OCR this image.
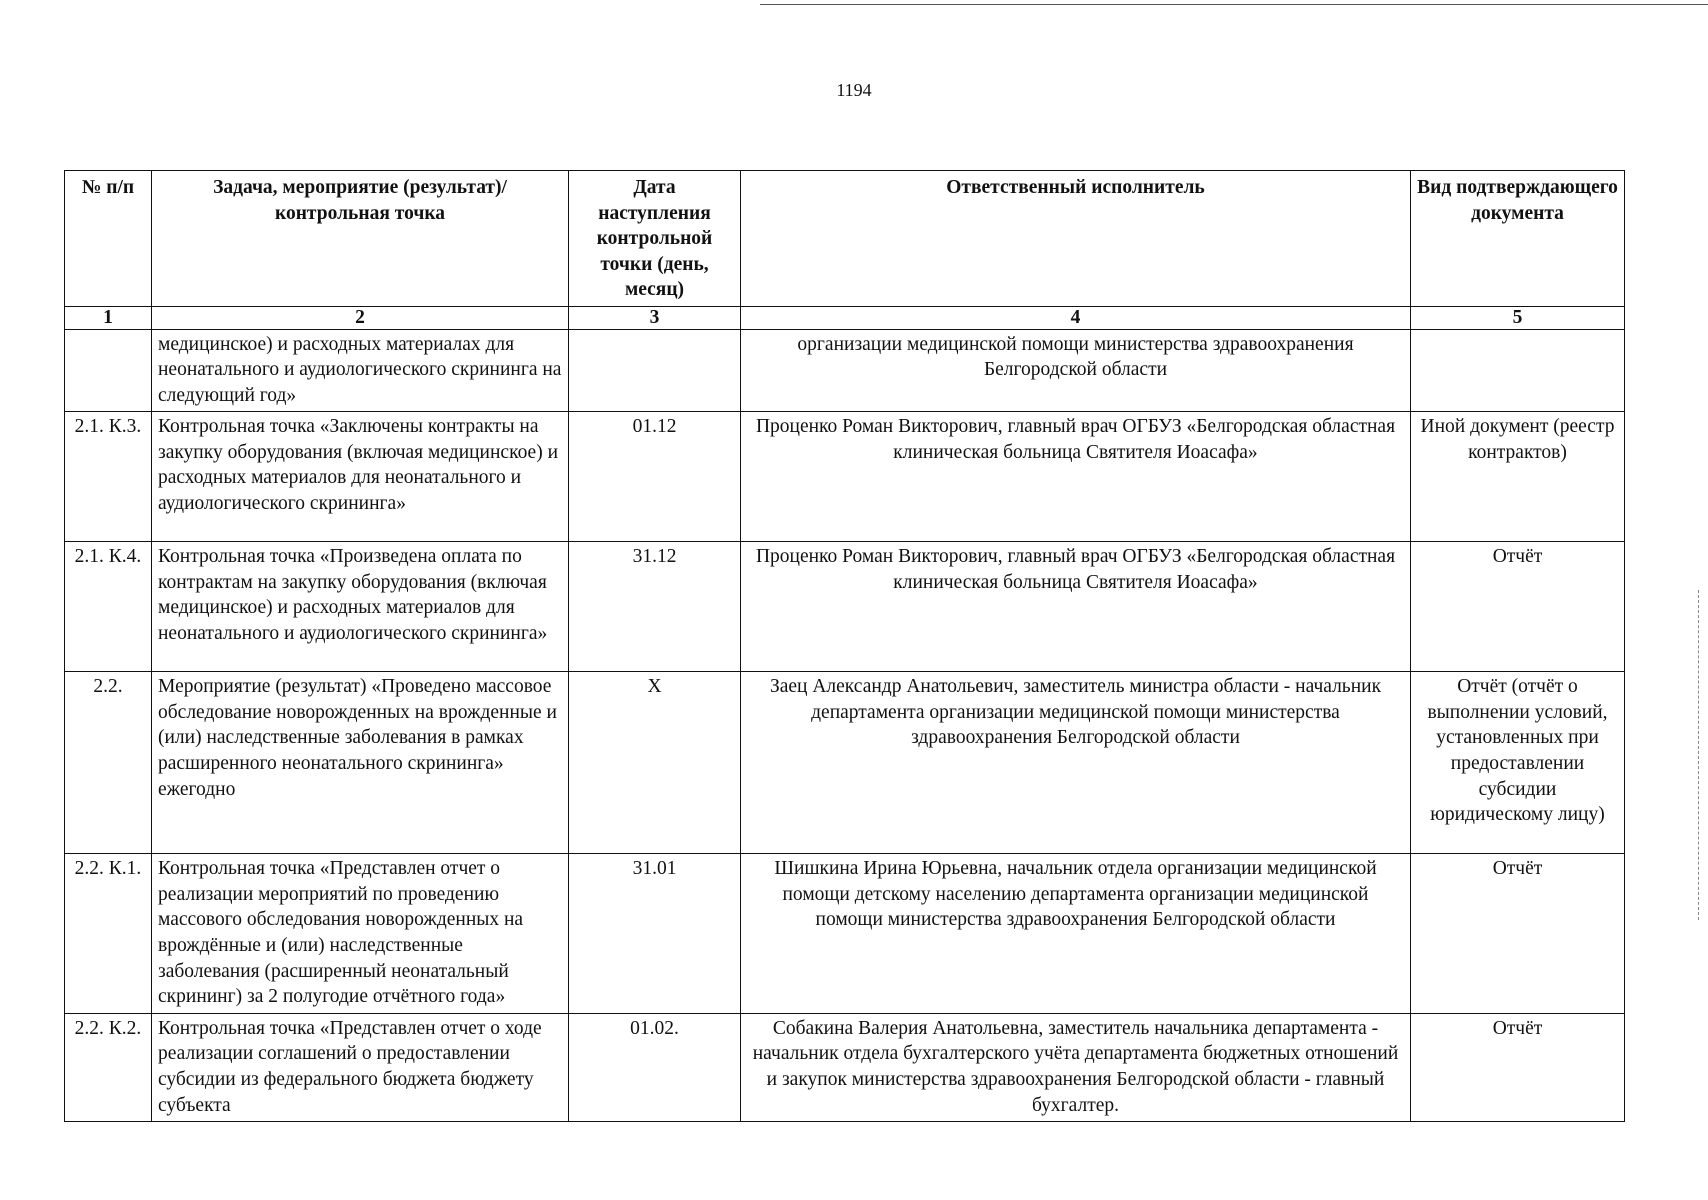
1194
№ п/п	Задача, мероприятие (результат)/ контрольная точка	Дата наступления контрольной точки (день, месяц)	Ответственный исполнитель	Вид подтверждающего документа
1	2	3	4	5
	медицинское) и расходных материалах для неонатального и аудиологического скрининга на следующий год»		организации медицинской помощи министерства здравоохранения Белгородской области	
2.1. К.3.	Контрольная точка «Заключены контракты на закупку оборудования (включая медицинское) и расходных материалов для неонатального и аудиологического скрининга»	01.12	Проценко Роман Викторович, главный врач ОГБУЗ «Белгородская областная клиническая больница Святителя Иоасафа»	Иной документ (реестр контрактов)
2.1. К.4.	Контрольная точка «Произведена оплата по контрактам на закупку оборудования (включая медицинское) и расходных материалов для неонатального и аудиологического скрининга»	31.12	Проценко Роман Викторович, главный врач ОГБУЗ «Белгородская областная клиническая больница Святителя Иоасафа»	Отчёт
2.2.	Мероприятие (результат) «Проведено массовое обследование новорожденных на врожденные и (или) наследственные заболевания в рамках расширенного неонатального скрининга» ежегодно	X	Заец Александр Анатольевич, заместитель министра области - начальник департамента организации медицинской помощи министерства здравоохранения Белгородской области	Отчёт (отчёт о выполнении условий, установленных при предоставлении субсидии юридическому лицу)
2.2. К.1.	Контрольная точка «Представлен отчет о реализации мероприятий по проведению массового обследования новорожденных на врождённые и (или) наследственные заболевания (расширенный неонатальный скрининг) за 2 полугодие отчётного года»	31.01	Шишкина Ирина Юрьевна, начальник отдела организации медицинской помощи детскому населению департамента организации медицинской помощи министерства здравоохранения Белгородской области	Отчёт
2.2. К.2.	Контрольная точка «Представлен отчет о ходе реализации соглашений о предоставлении субсидии из федерального бюджета бюджету субъекта	01.02.	Собакина Валерия Анатольевна, заместитель начальника департамента - начальник отдела бухгалтерского учёта департамента бюджетных отношений и закупок министерства здравоохранения Белгородской области - главный бухгалтер.	Отчёт
